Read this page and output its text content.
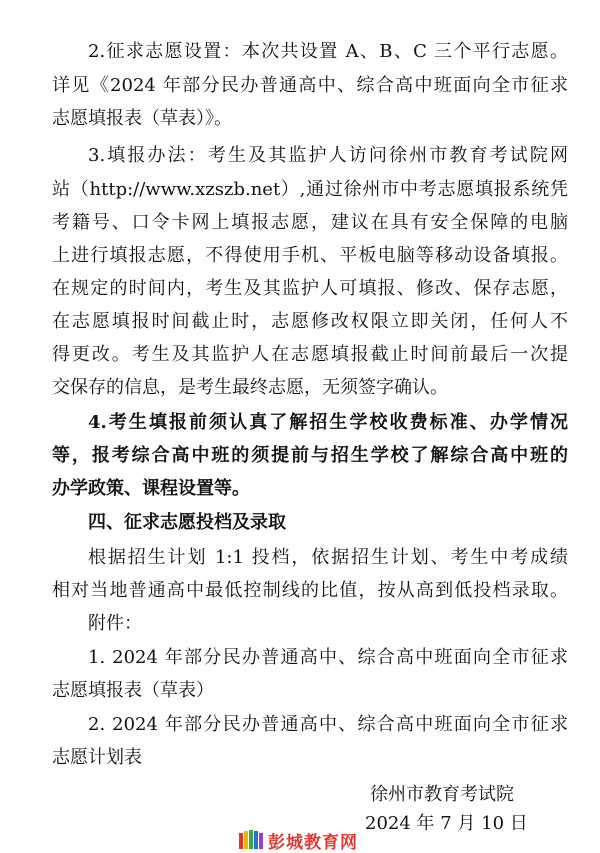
2.征求志愿设置：本次共设置 A、B、C 三个平行志愿。
详见《2024 年部分民办普通高中、综合高中班面向全市征求
志愿填报表（草表）》。
3.填报办法：考生及其监护人访问徐州市教育考试院网
站（http://www.xzszb.net）,通过徐州市中考志愿填报系统凭
考籍号、口令卡网上填报志愿，建议在具有安全保障的电脑
上进行填报志愿，不得使用手机、平板电脑等移动设备填报。
在规定的时间内，考生及其监护人可填报、修改、保存志愿，
在志愿填报时间截止时，志愿修改权限立即关闭，任何人不
得更改。考生及其监护人在志愿填报截止时间前最后一次提
交保存的信息，是考生最终志愿，无须签字确认。
4.考生填报前须认真了解招生学校收费标准、办学情况
等，报考综合高中班的须提前与招生学校了解综合高中班的
办学政策、课程设置等。
四、征求志愿投档及录取
根据招生计划 1:1 投档，依据招生计划、考生中考成绩
相对当地普通高中最低控制线的比值，按从高到低投档录取。
附件：
1. 2024 年部分民办普通高中、综合高中班面向全市征求
志愿填报表（草表）
2. 2024 年部分民办普通高中、综合高中班面向全市征求
志愿计划表
徐州市教育考试院
2024 年 7 月 10 日
彭城教育网
